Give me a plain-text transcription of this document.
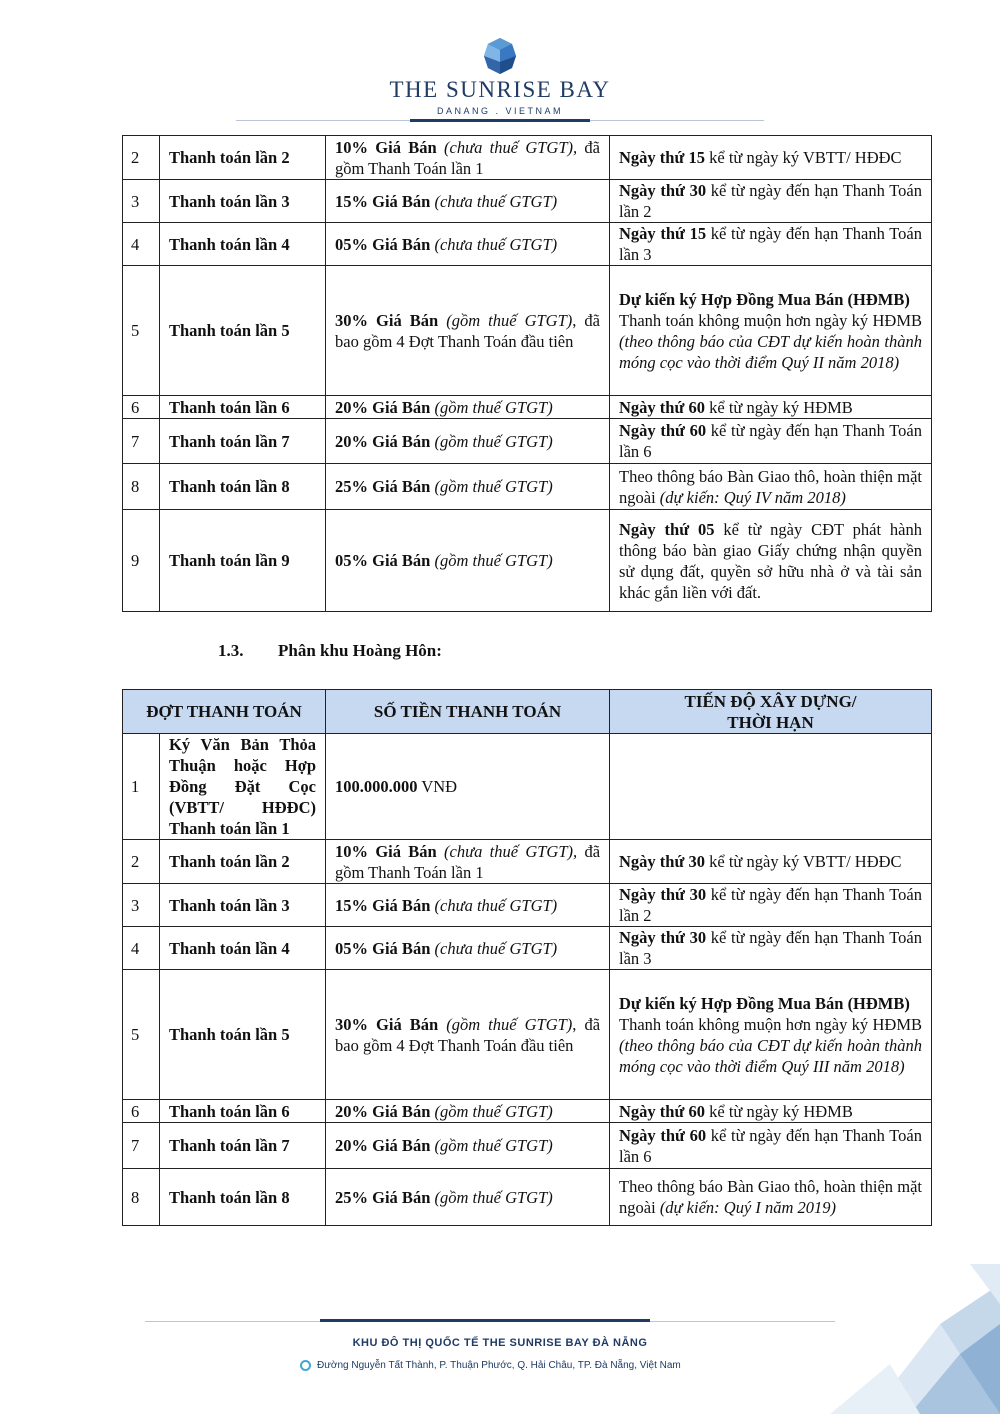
THE SUNRISE BAY
DANANG . VIETNAM
2	Thanh toán lần 2	10% Giá Bán (chưa thuế GTGT), đã gồm Thanh Toán lần 1	Ngày thứ 15 kể từ ngày ký VBTT/ HĐĐC
3	Thanh toán lần 3	15% Giá Bán (chưa thuế GTGT)	Ngày thứ 30 kể từ ngày đến hạn Thanh Toán lần 2
4	Thanh toán lần 4	05% Giá Bán (chưa thuế GTGT)	Ngày thứ 15 kể từ ngày đến hạn Thanh Toán lần 3
5	Thanh toán lần 5	30% Giá Bán (gồm thuế GTGT), đã bao gồm 4 Đợt Thanh Toán đầu tiên	Dự kiến ký Hợp Đồng Mua Bán (HĐMB)
Thanh toán không muộn hơn ngày ký HĐMB (theo thông báo của CĐT dự kiến hoàn thành móng cọc vào thời điểm Quý II năm 2018)
6	Thanh toán lần 6	20% Giá Bán (gồm thuế GTGT)	Ngày thứ 60 kể từ ngày ký HĐMB
7	Thanh toán lần 7	20% Giá Bán (gồm thuế GTGT)	Ngày thứ 60 kể từ ngày đến hạn Thanh Toán lần 6
8	Thanh toán lần 8	25% Giá Bán (gồm thuế GTGT)	Theo thông báo Bàn Giao thô, hoàn thiện mặt ngoài (dự kiến: Quý IV năm 2018)
9	Thanh toán lần 9	05% Giá Bán (gồm thuế GTGT)	Ngày thứ 05 kể từ ngày CĐT phát hành thông báo bàn giao Giấy chứng nhận quyền sử dụng đất, quyền sở hữu nhà ở và tài sản khác gắn liền với đất.
1.3. Phân khu Hoàng Hôn:
ĐỢT THANH TOÁN		SỐ TIỀN THANH TOÁN	TIẾN ĐỘ XÂY DỰNG/
THỜI HẠN

1	Ký Văn Bản Thỏa Thuận hoặc Hợp Đồng Đặt Cọc (VBTT/ HĐĐC) Thanh toán lần 1	100.000.000 VNĐ	
2	Thanh toán lần 2	10% Giá Bán (chưa thuế GTGT), đã gồm Thanh Toán lần 1	Ngày thứ 30 kể từ ngày ký VBTT/ HĐĐC
3	Thanh toán lần 3	15% Giá Bán (chưa thuế GTGT)	Ngày thứ 30 kể từ ngày đến hạn Thanh Toán lần 2
4	Thanh toán lần 4	05% Giá Bán (chưa thuế GTGT)	Ngày thứ 30 kể từ ngày đến hạn Thanh Toán lần 3
5	Thanh toán lần 5	30% Giá Bán (gồm thuế GTGT), đã bao gồm 4 Đợt Thanh Toán đầu tiên	Dự kiến ký Hợp Đồng Mua Bán (HĐMB)
Thanh toán không muộn hơn ngày ký HĐMB (theo thông báo của CĐT dự kiến hoàn thành móng cọc vào thời điểm Quý III năm 2018)
6	Thanh toán lần 6	20% Giá Bán (gồm thuế GTGT)	Ngày thứ 60 kể từ ngày ký HĐMB
7	Thanh toán lần 7	20% Giá Bán (gồm thuế GTGT)	Ngày thứ 60 kể từ ngày đến hạn Thanh Toán lần 6
8	Thanh toán lần 8	25% Giá Bán (gồm thuế GTGT)	Theo thông báo Bàn Giao thô, hoàn thiện mặt ngoài (dự kiến: Quý I năm 2019)
KHU ĐÔ THỊ QUỐC TẾ THE SUNRISE BAY ĐÀ NẴNG
Đường Nguyễn Tất Thành, P. Thuận Phước, Q. Hải Châu, TP. Đà Nẵng, Việt Nam
